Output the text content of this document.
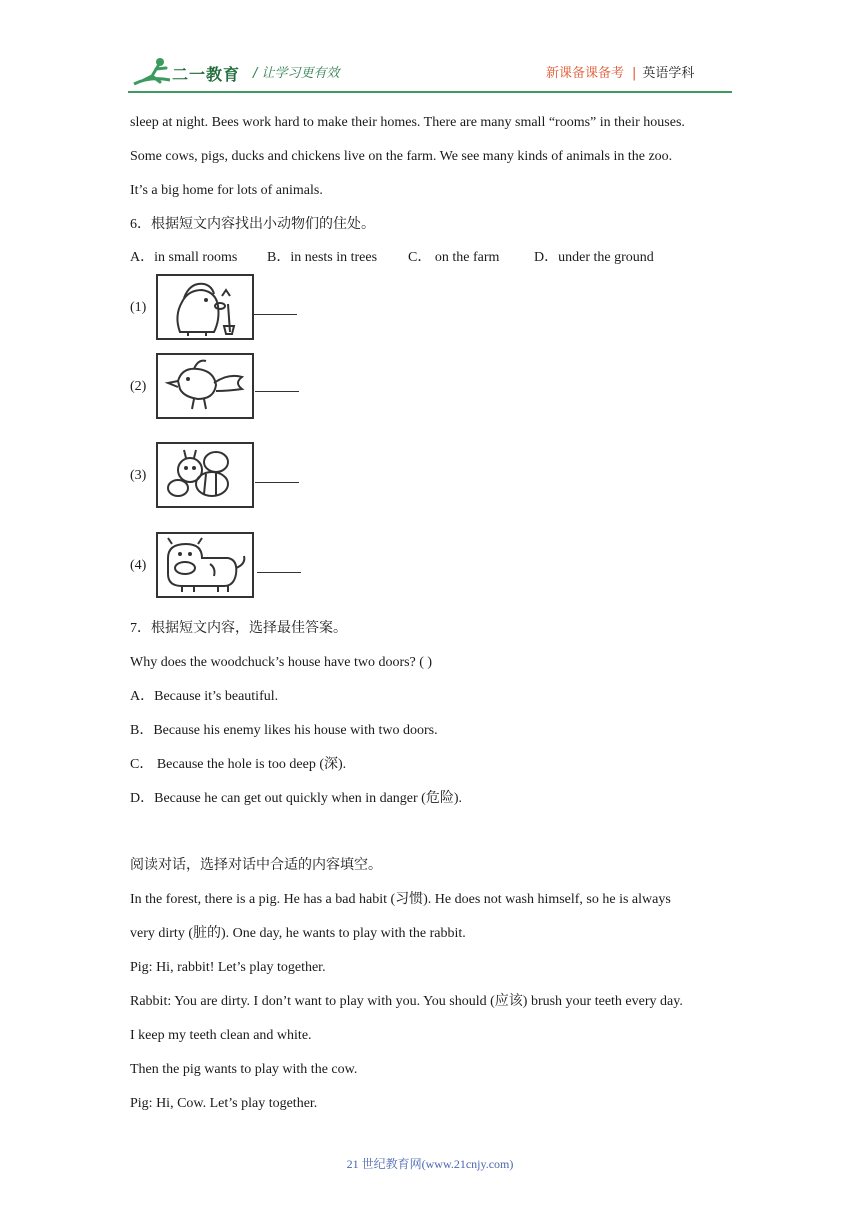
二一教育 / 让学习更有效	新课备课备考 | 英语学科
sleep at night. Bees work hard to make their homes. There are many small “rooms” in their houses.
Some cows, pigs, ducks and chickens live on the farm. We see many kinds of animals in the zoo.
It’s a big home for lots of animals.
6．根据短文内容找出小动物们的住处。
A．in small rooms B．in nests in trees C． on the farm D．under the ground
(1)
(2)
(3)
(4)
7．根据短文内容，选择最佳答案。
Why does the woodchuck’s house have two doors? ( )
A．Because it’s beautiful.
B．Because his enemy likes his house with two doors.
C． Because the hole is too deep (深).
D．Because he can get out quickly when in danger (危险).
阅读对话，选择对话中合适的内容填空。
In the forest, there is a pig. He has a bad habit (习惯). He does not wash himself, so he is always
very dirty (脏的). One day, he wants to play with the rabbit.
Pig: Hi, rabbit! Let’s play together.
Rabbit: You are dirty. I don’t want to play with you. You should (应该) brush your teeth every day.
I keep my teeth clean and white.
Then the pig wants to play with the cow.
Pig: Hi, Cow. Let’s play together.
21 世纪教育网(www.21cnjy.com)
